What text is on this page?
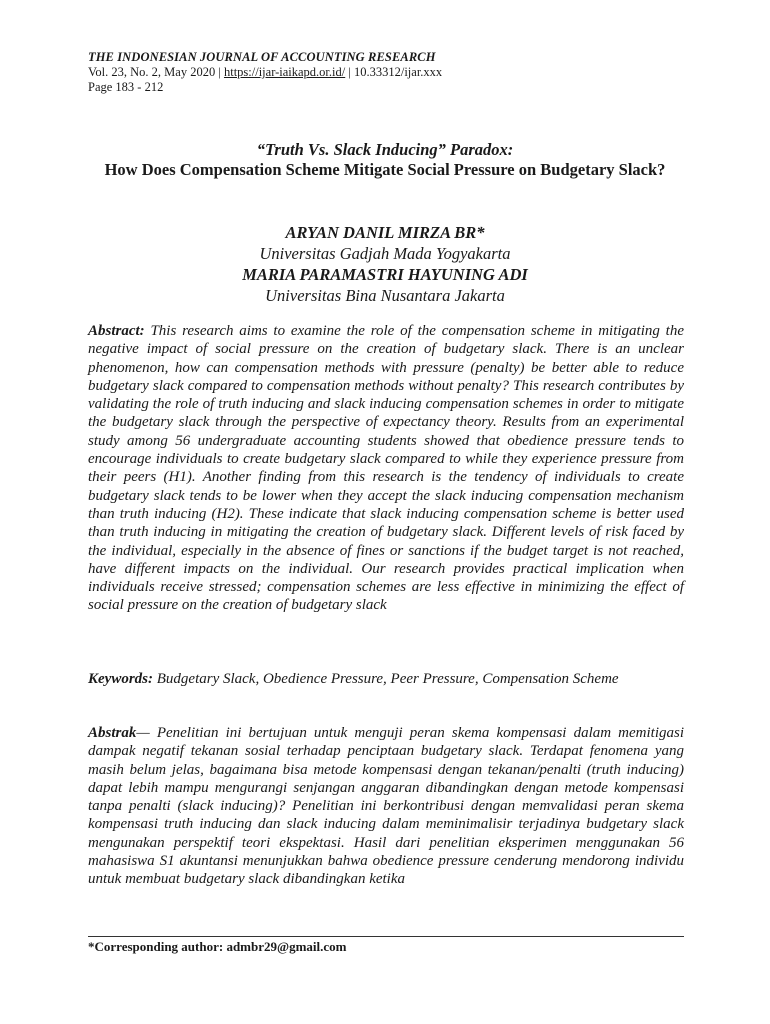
THE INDONESIAN JOURNAL OF ACCOUNTING RESEARCH
Vol. 23, No. 2, May 2020 | https://ijar-iaikapd.or.id/ | 10.33312/ijar.xxx
Page 183 - 212
“Truth Vs. Slack Inducing” Paradox:
How Does Compensation Scheme Mitigate Social Pressure on Budgetary Slack?
ARYAN DANIL MIRZA BR*
Universitas Gadjah Mada Yogyakarta
MARIA PARAMASTRI HAYUNING ADI
Universitas Bina Nusantara Jakarta
Abstract: This research aims to examine the role of the compensation scheme in mitigating the negative impact of social pressure on the creation of budgetary slack. There is an unclear phenomenon, how can compensation methods with pressure (penalty) be better able to reduce budgetary slack compared to compensation methods without penalty? This research contributes by validating the role of truth inducing and slack inducing compensation schemes in order to mitigate the budgetary slack through the perspective of expectancy theory. Results from an experimental study among 56 undergraduate accounting students showed that obedience pressure tends to encourage individuals to create budgetary slack compared to while they experience pressure from their peers (H1). Another finding from this research is the tendency of individuals to create budgetary slack tends to be lower when they accept the slack inducing compensation mechanism than truth inducing (H2). These indicate that slack inducing compensation scheme is better used than truth inducing in mitigating the creation of budgetary slack. Different levels of risk faced by the individual, especially in the absence of fines or sanctions if the budget target is not reached, have different impacts on the individual. Our research provides practical implication when individuals receive stressed; compensation schemes are less effective in minimizing the effect of social pressure on the creation of budgetary slack
Keywords: Budgetary Slack, Obedience Pressure, Peer Pressure, Compensation Scheme
Abstrak— Penelitian ini bertujuan untuk menguji peran skema kompensasi dalam memitigasi dampak negatif tekanan sosial terhadap penciptaan budgetary slack. Terdapat fenomena yang masih belum jelas, bagaimana bisa metode kompensasi dengan tekanan/penalti (truth inducing) dapat lebih mampu mengurangi senjangan anggaran dibandingkan dengan metode kompensasi tanpa penalti (slack inducing)? Penelitian ini berkontribusi dengan memvalidasi peran skema kompensasi truth inducing dan slack inducing dalam meminimalisir terjadinya budgetary slack mengunakan perspektif teori ekspektasi. Hasil dari penelitian eksperimen menggunakan 56 mahasiswa S1 akuntansi menunjukkan bahwa obedience pressure cenderung mendorong individu untuk membuat budgetary slack dibandingkan ketika
*Corresponding author: admbr29@gmail.com
